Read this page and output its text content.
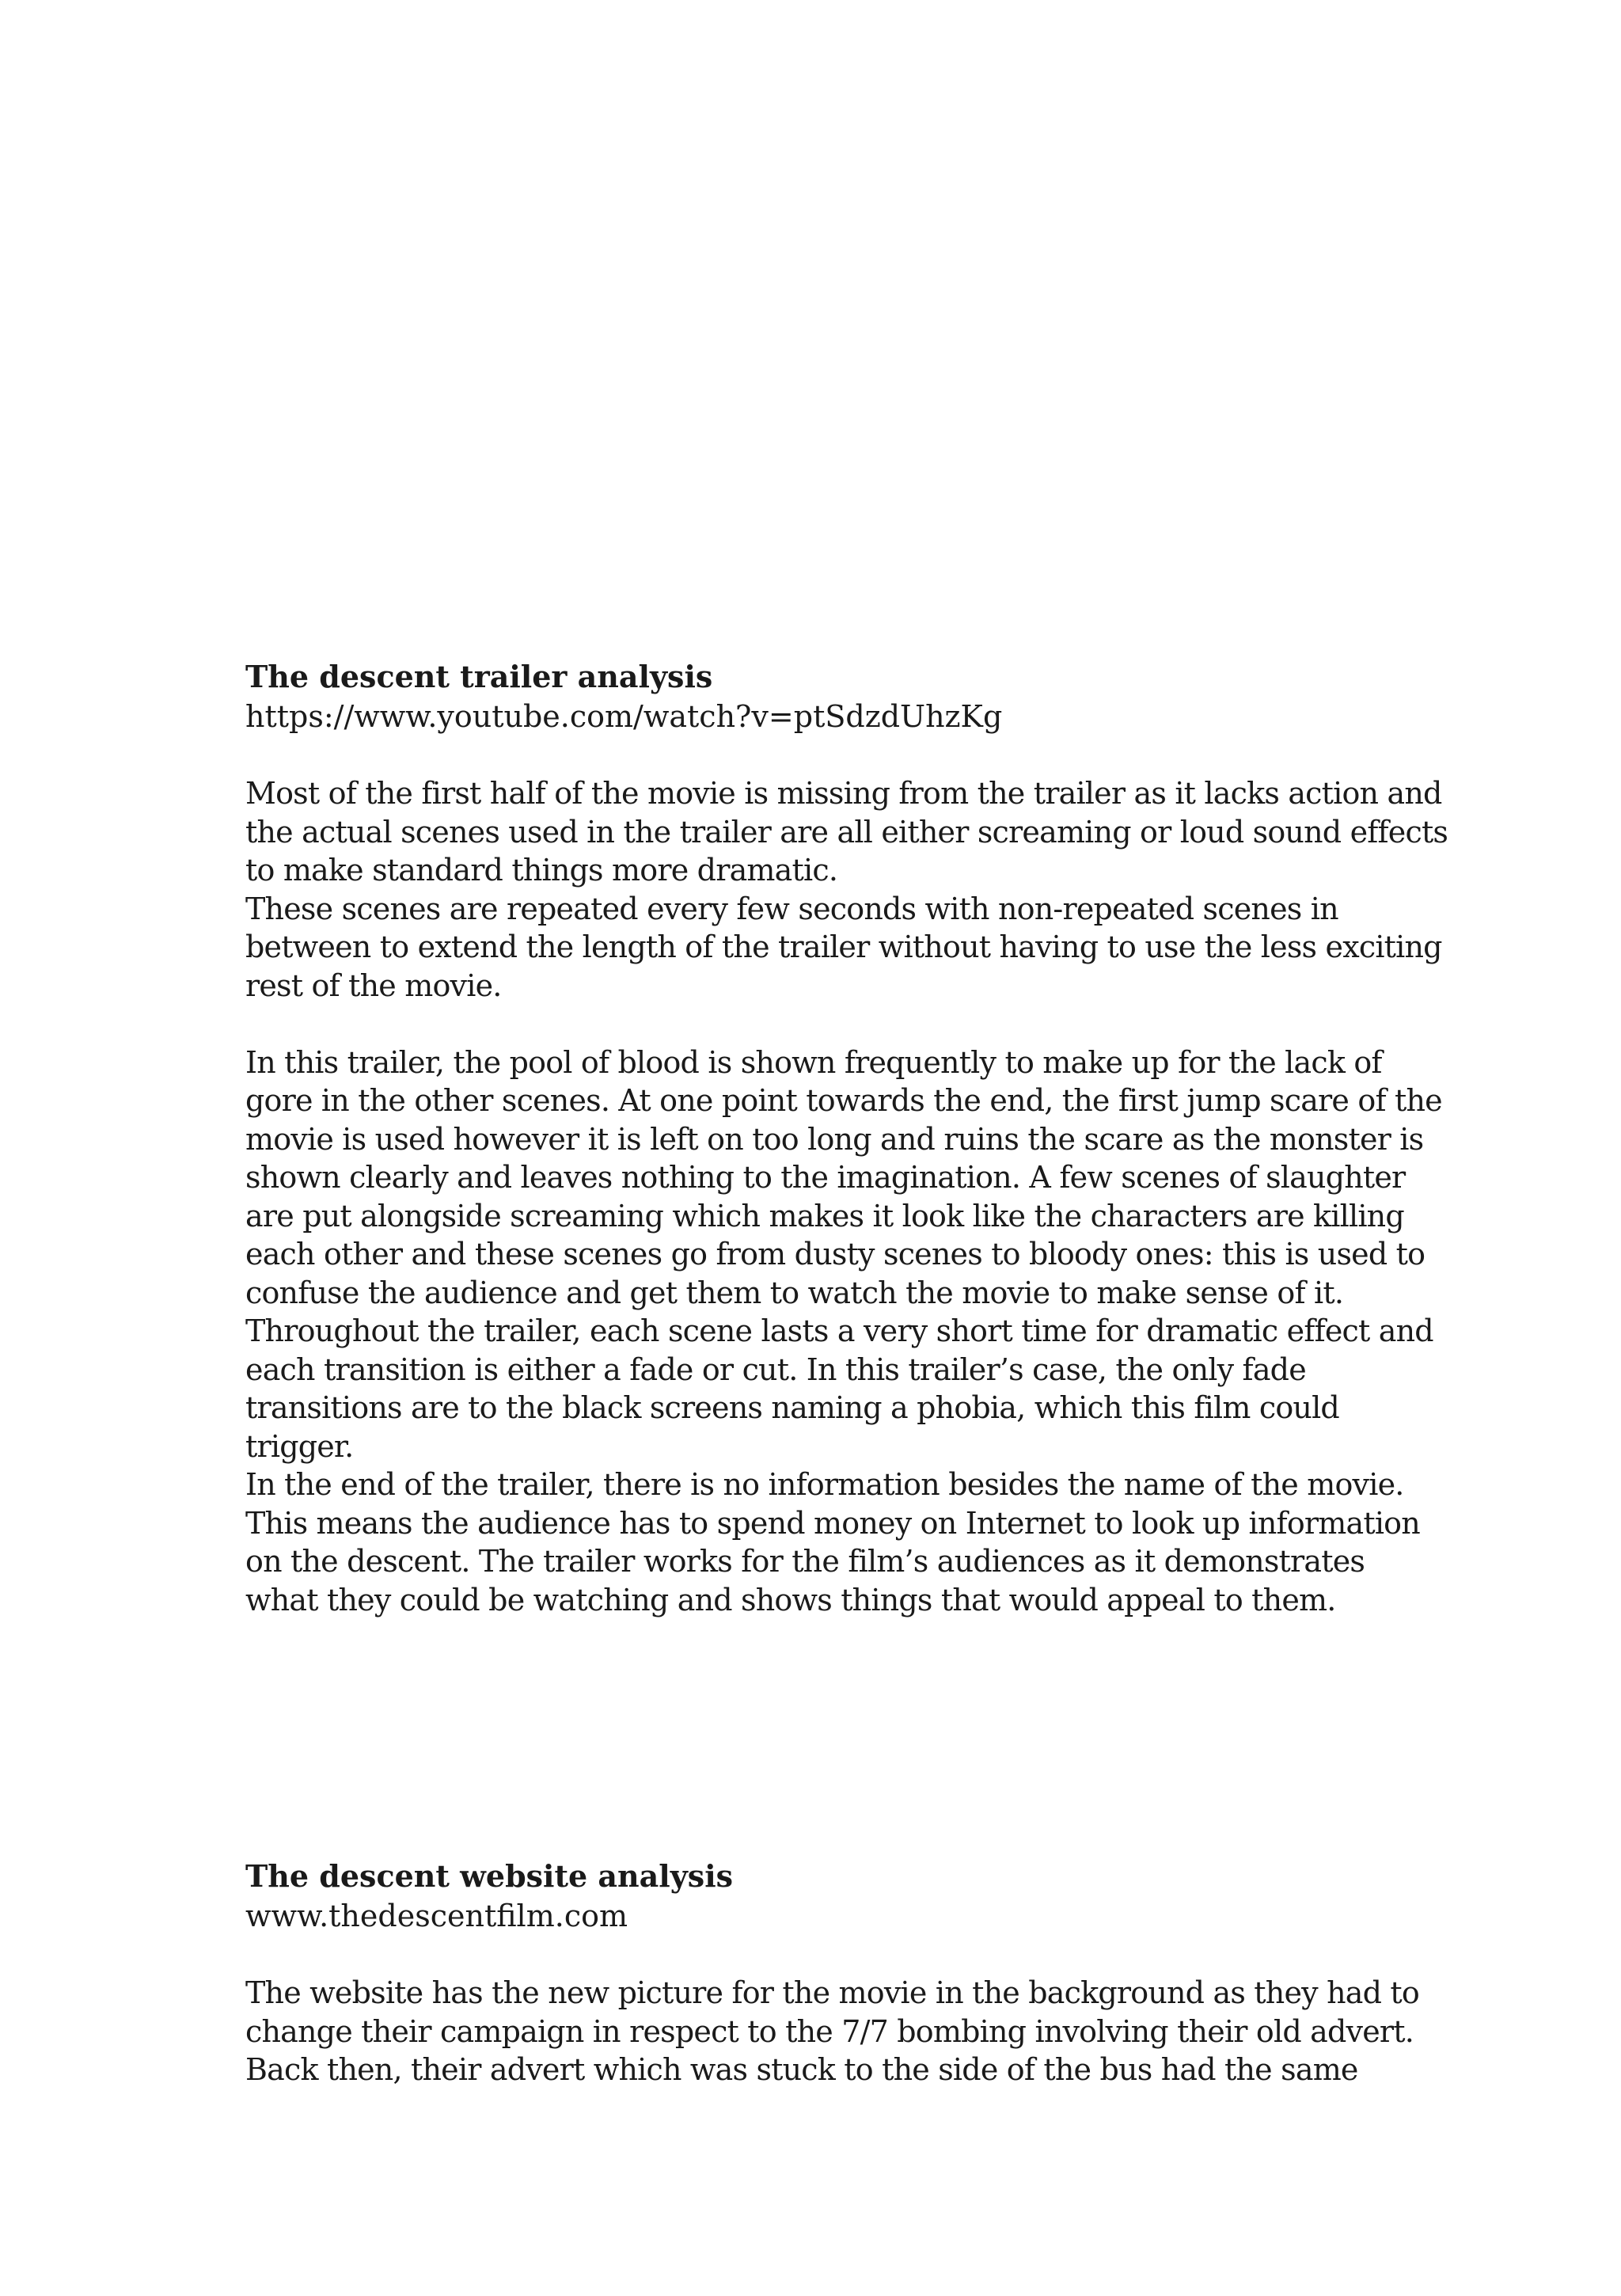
The descent trailer analysis

https://www.youtube.com/watch?v=ptSdzdUhzKg

Most of the first half of the movie is missing from the trailer as it lacks action and

the actual scenes used in the trailer are all either screaming or loud sound effects

to make standard things more dramatic.

These scenes are repeated every few seconds with non-repeated scenes in

between to extend the length of the trailer without having to use the less exciting

rest of the movie.

In this trailer, the pool of blood is shown frequently to make up for the lack of

gore in the other scenes. At one point towards the end, the first jump scare of the

movie is used however it is left on too long and ruins the scare as the monster is

shown clearly and leaves nothing to the imagination. A few scenes of slaughter

are put alongside screaming which makes it look like the characters are killing

each other and these scenes go from dusty scenes to bloody ones: this is used to

confuse the audience and get them to watch the movie to make sense of it.

Throughout the trailer, each scene lasts a very short time for dramatic effect and

each transition is either a fade or cut. In this trailer’s case, the only fade

transitions are to the black screens naming a phobia, which this film could

trigger.

In the end of the trailer, there is no information besides the name of the movie.

This means the audience has to spend money on Internet to look up information

on the descent. The trailer works for the film’s audiences as it demonstrates

what they could be watching and shows things that would appeal to them.

The descent website analysis

www.thedescentfilm.com

The website has the new picture for the movie in the background as they had to

change their campaign in respect to the 7/7 bombing involving their old advert.

Back then, their advert which was stuck to the side of the bus had the same
